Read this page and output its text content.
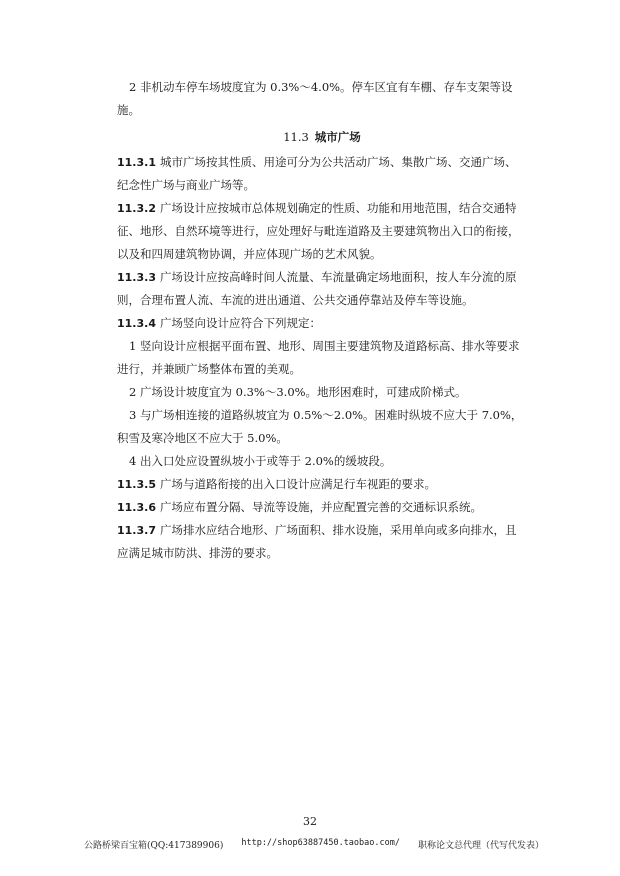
2 非机动车停车场坡度宜为 0.3%～4.0%。停车区宜有车棚、存车支架等设施。

11.3 城市广场

11.3.1 城市广场按其性质、用途可分为公共活动广场、集散广场、交通广场、纪念性广场与商业广场等。

11.3.2 广场设计应按城市总体规划确定的性质、功能和用地范围，结合交通特征、地形、自然环境等进行，应处理好与毗连道路及主要建筑物出入口的衔接，以及和四周建筑物协调，并应体现广场的艺术风貌。

11.3.3 广场设计应按高峰时间人流量、车流量确定场地面积，按人车分流的原则，合理布置人流、车流的进出通道、公共交通停靠站及停车等设施。

11.3.4 广场竖向设计应符合下列规定：

1 竖向设计应根据平面布置、地形、周围主要建筑物及道路标高、排水等要求进行，并兼顾广场整体布置的美观。

2 广场设计坡度宜为 0.3%～3.0%。地形困难时，可建成阶梯式。

3 与广场相连接的道路纵坡宜为 0.5%～2.0%。困难时纵坡不应大于 7.0%，积雪及寒冷地区不应大于 5.0%。

4 出入口处应设置纵坡小于或等于 2.0%的缓坡段。

11.3.5 广场与道路衔接的出入口设计应满足行车视距的要求。

11.3.6 广场应布置分隔、导流等设施，并应配置完善的交通标识系统。

11.3.7 广场排水应结合地形、广场面积、排水设施，采用单向或多向排水，且应满足城市防洪、排涝的要求。

32
公路桥梁百宝箱(QQ:417389906) http://shop63887450.taobao.com/ 职称论文总代理（代写代发表）
